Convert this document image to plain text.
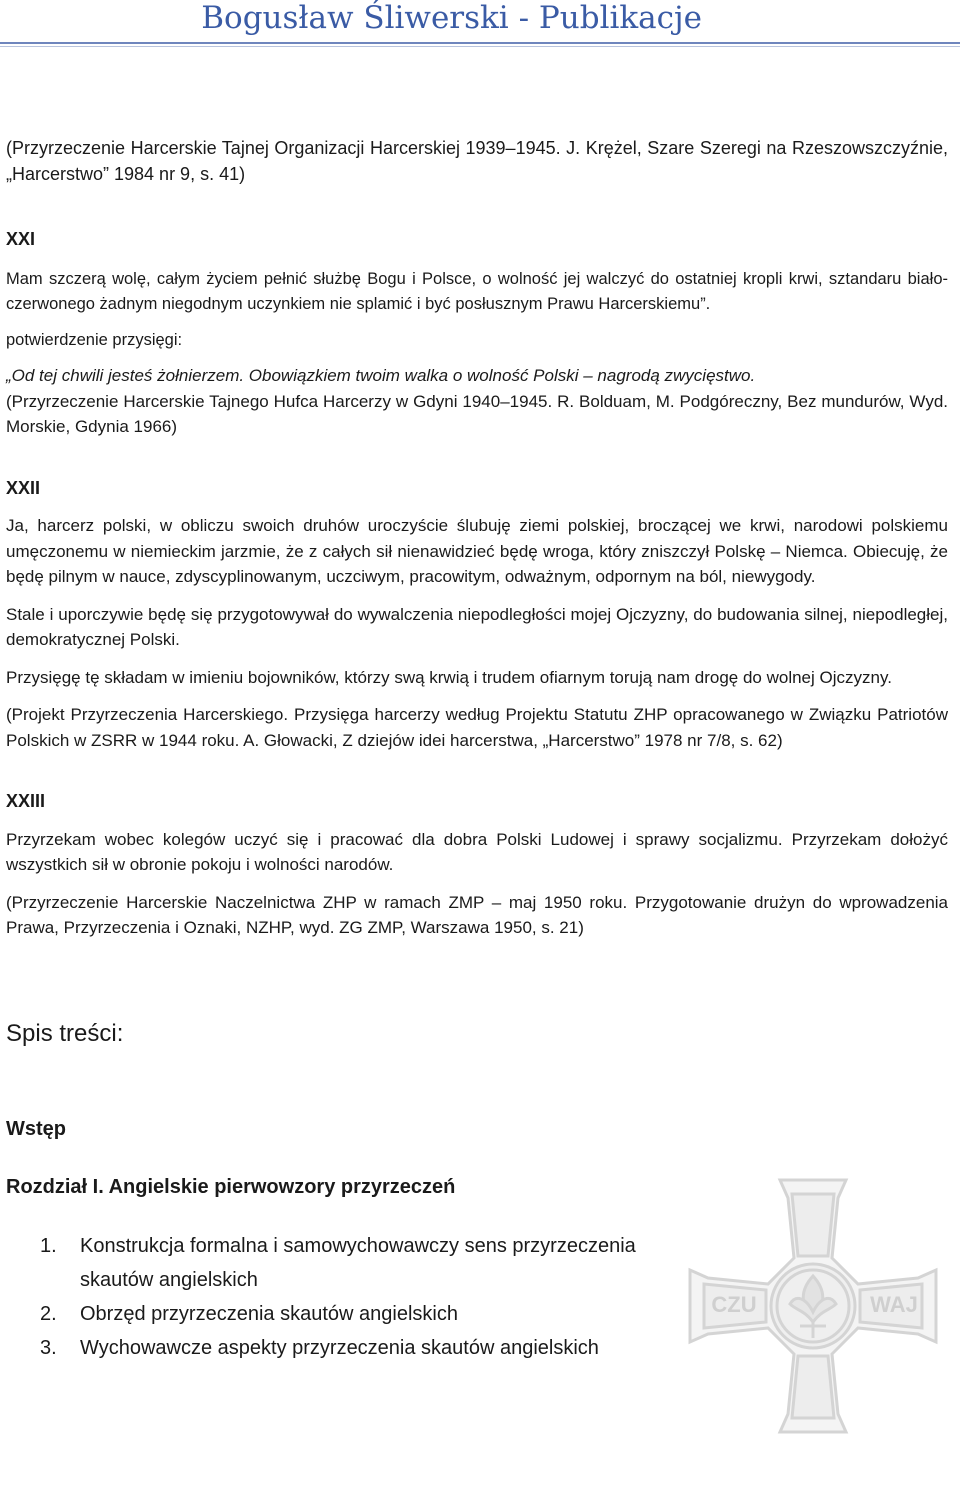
Bogusław Śliwerski - Publikacje
CZU	WAJ

(Przyrzeczenie Harcerskie Tajnej Organizacji Harcerskiej 1939–1945. J. Krężel, Szare Szeregi na Rzeszowszczyźnie, „Harcerstwo” 1984 nr 9, s. 41)

XXI

Mam szczerą wolę, całym życiem pełnić służbę Bogu i Polsce, o wolność jej walczyć do ostatniej kropli krwi, sztandaru biało-czerwonego żadnym niegodnym uczynkiem nie splamić i być posłusznym Prawu Harcerskiemu”.

potwierdzenie przysięgi:

„Od tej chwili jesteś żołnierzem. Obowiązkiem twoim walka o wolność Polski – nagrodą zwycięstwo.

(Przyrzeczenie Harcerskie Tajnego Hufca Harcerzy w Gdyni 1940–1945. R. Bolduam, M. Podgóreczny, Bez mundurów, Wyd. Morskie, Gdynia 1966)

XXII

Ja, harcerz polski, w obliczu swoich druhów uroczyście ślubuję ziemi polskiej, broczącej we krwi, narodowi polskiemu umęczonemu w niemieckim jarzmie, że z całych sił nienawidzieć będę wroga, który zniszczył Polskę – Niemca. Obiecuję, że będę pilnym w nauce, zdyscyplinowanym, uczciwym, pracowitym, odważnym, odpornym na ból, niewygody.

Stale i uporczywie będę się przygotowywał do wywalczenia niepodległości mojej Ojczyzny, do budowania silnej, niepodległej, demokratycznej Polski.

Przysięgę tę składam w imieniu bojowników, którzy swą krwią i trudem ofiarnym torują nam drogę do wolnej Ojczyzny.

(Projekt Przyrzeczenia Harcerskiego. Przysięga harcerzy według Projektu Statutu ZHP opracowanego w Związku Patriotów Polskich w ZSRR w 1944 roku. A. Głowacki, Z dziejów idei harcerstwa, „Harcerstwo” 1978 nr 7/8, s. 62)

XXIII

Przyrzekam wobec kolegów uczyć się i pracować dla dobra Polski Ludowej i sprawy socjalizmu. Przyrzekam dołożyć wszystkich sił w obronie pokoju i wolności narodów.

(Przyrzeczenie Harcerskie Naczelnictwa ZHP w ramach ZMP – maj 1950 roku. Przygotowanie drużyn do wprowadzenia Prawa, Przyrzeczenia i Oznaki, NZHP, wyd. ZG ZMP, Warszawa 1950, s. 21)

Spis treści:

Wstęp

Rozdział I. Angielskie pierwowzory przyrzeczeń

1. Konstrukcja formalna i samowychowawczy sens przyrzeczenia skautów angielskich
2. Obrzęd przyrzeczenia skautów angielskich
3. Wychowawcze aspekty przyrzeczenia skautów angielskich
